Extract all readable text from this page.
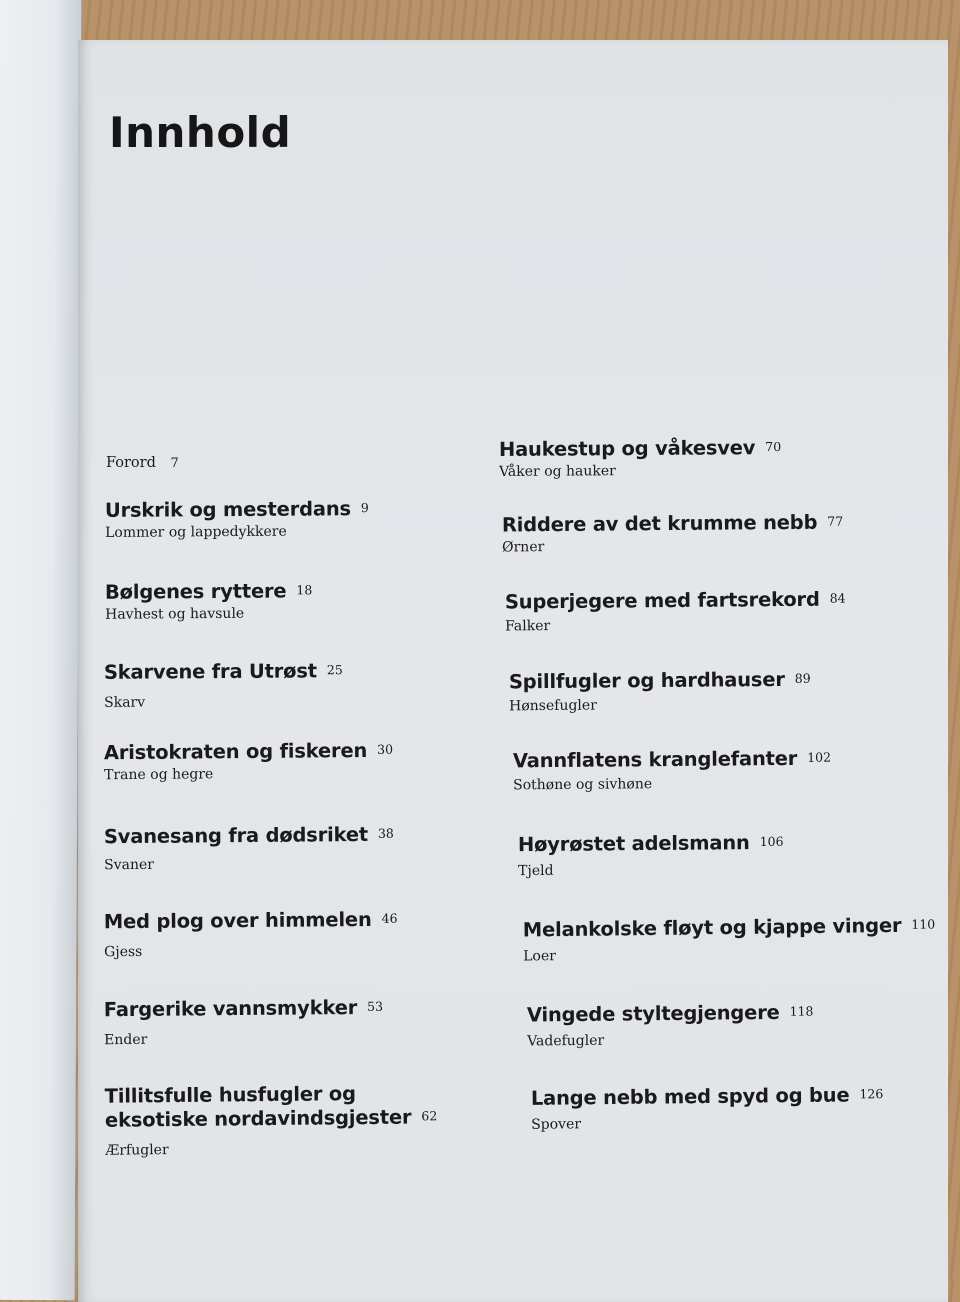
Innhold
Forord 7
Urskrik og mesterdans 9
Lommer og lappedykkere
Bølgenes ryttere 18
Havhest og havsule
Skarvene fra Utrøst 25
Skarv
Aristokraten og fiskeren 30
Trane og hegre
Svanesang fra dødsriket 38
Svaner
Med plog over himmelen 46
Gjess
Fargerike vannsmykker 53
Ender
Tillitsfulle husfugler og
eksotiske nordavindsgjester 62
Ærfugler
Haukestup og våkesvev 70
Våker og hauker
Riddere av det krumme nebb 77
Ørner
Superjegere med fartsrekord 84
Falker
Spillfugler og hardhauser 89
Hønsefugler
Vannflatens kranglefanter 102
Sothøne og sivhøne
Høyrøstet adelsmann 106
Tjeld
Melankolske fløyt og kjappe vinger 110
Loer
Vingede styltegjengere 118
Vadefugler
Lange nebb med spyd og bue 126
Spover
